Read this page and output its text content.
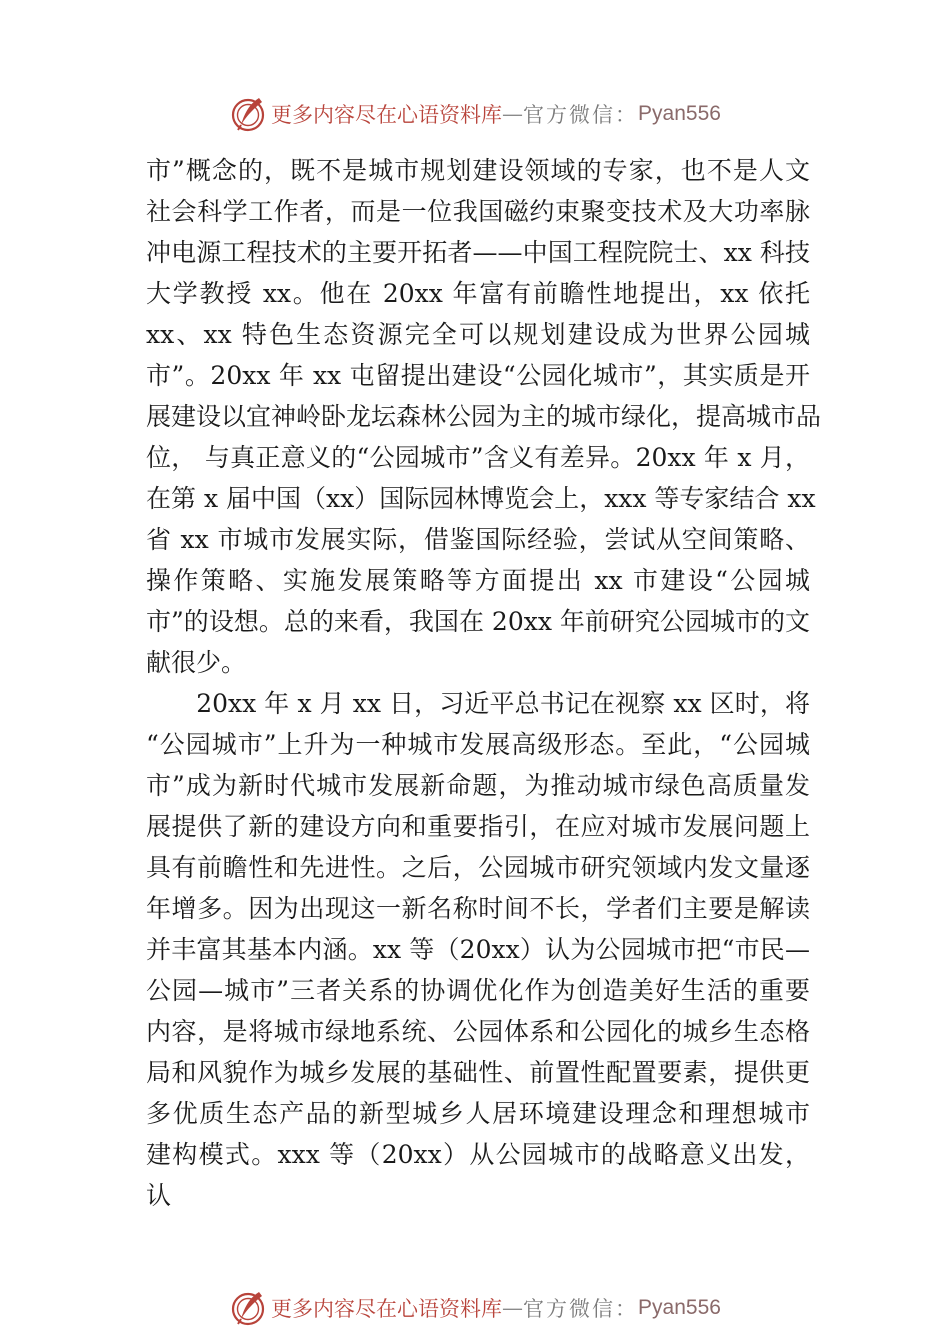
更多内容尽在心语资料库 — 官方微信： Pyan556
市”概念的，既不是城市规划建设领域的专家，也不是人文
社会科学工作者，而是一位我国磁约束聚变技术及大功率脉
冲电源工程技术的主要开拓者——中国工程院院士、xx 科技
大学教授 xx。他在 20xx 年富有前瞻性地提出，xx 依托
xx、xx 特色生态资源完全可以规划建设成为世界公园城
市”。20xx 年 xx 屯留提出建设“公园化城市”，其实质是开
展建设以宜神岭卧龙坛森林公园为主的城市绿化，提高城市品
位， 与真正意义的“公园城市”含义有差异。20xx 年 x 月，
在第 x 届中国（xx）国际园林博览会上，xxx 等专家结合 xx
省 xx 市城市发展实际，借鉴国际经验，尝试从空间策略、
操作策略、实施发展策略等方面提出 xx 市建设“公园城
市”的设想。总的来看，我国在 20xx 年前研究公园城市的文
献很少。
　　20xx 年 x 月 xx 日，习近平总书记在视察 xx 区时，将
“公园城市”上升为一种城市发展高级形态。至此，“公园城
市”成为新时代城市发展新命题，为推动城市绿色高质量发
展提供了新的建设方向和重要指引，在应对城市发展问题上
具有前瞻性和先进性。之后，公园城市研究领域内发文量逐
年增多。因为出现这一新名称时间不长，学者们主要是解读
并丰富其基本内涵。xx 等（20xx）认为公园城市把“市民—
公园—城市”三者关系的协调优化作为创造美好生活的重要
内容，是将城市绿地系统、公园体系和公园化的城乡生态格
局和风貌作为城乡发展的基础性、前置性配置要素，提供更
多优质生态产品的新型城乡人居环境建设理念和理想城市
建构模式。xxx 等（20xx）从公园城市的战略意义出发，
认
更多内容尽在心语资料库 — 官方微信： Pyan556
